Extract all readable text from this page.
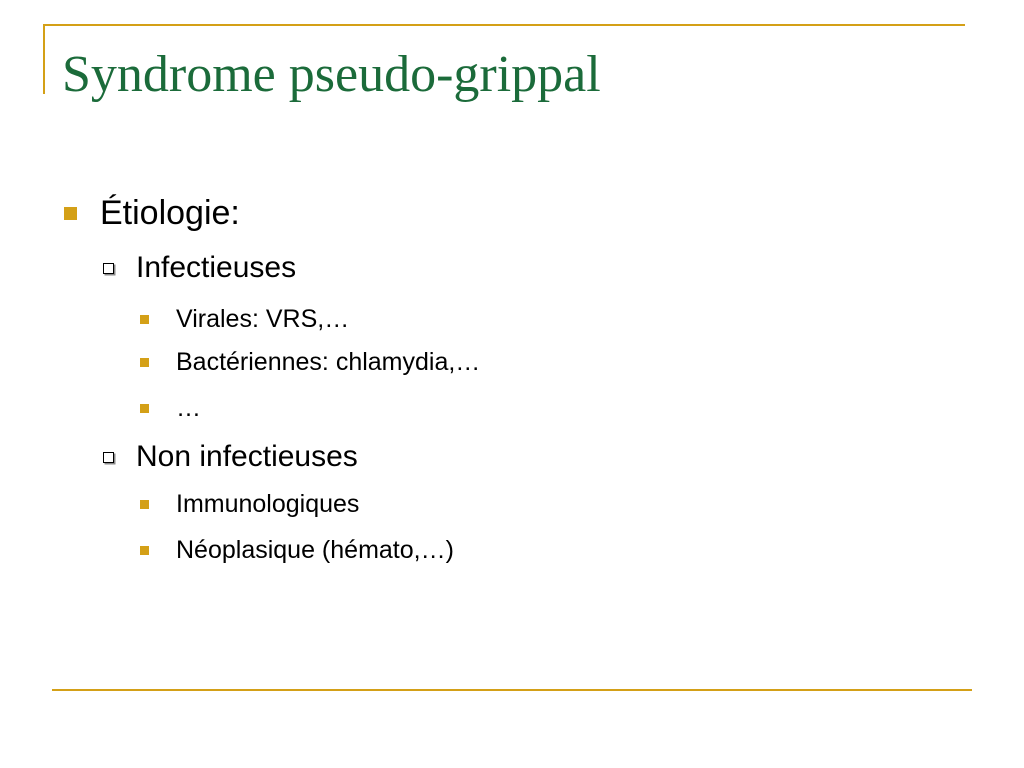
Syndrome pseudo-grippal
Étiologie:
Infectieuses
Virales: VRS,…
Bactériennes: chlamydia,…
…
Non infectieuses
Immunologiques
Néoplasique (hémato,…)
